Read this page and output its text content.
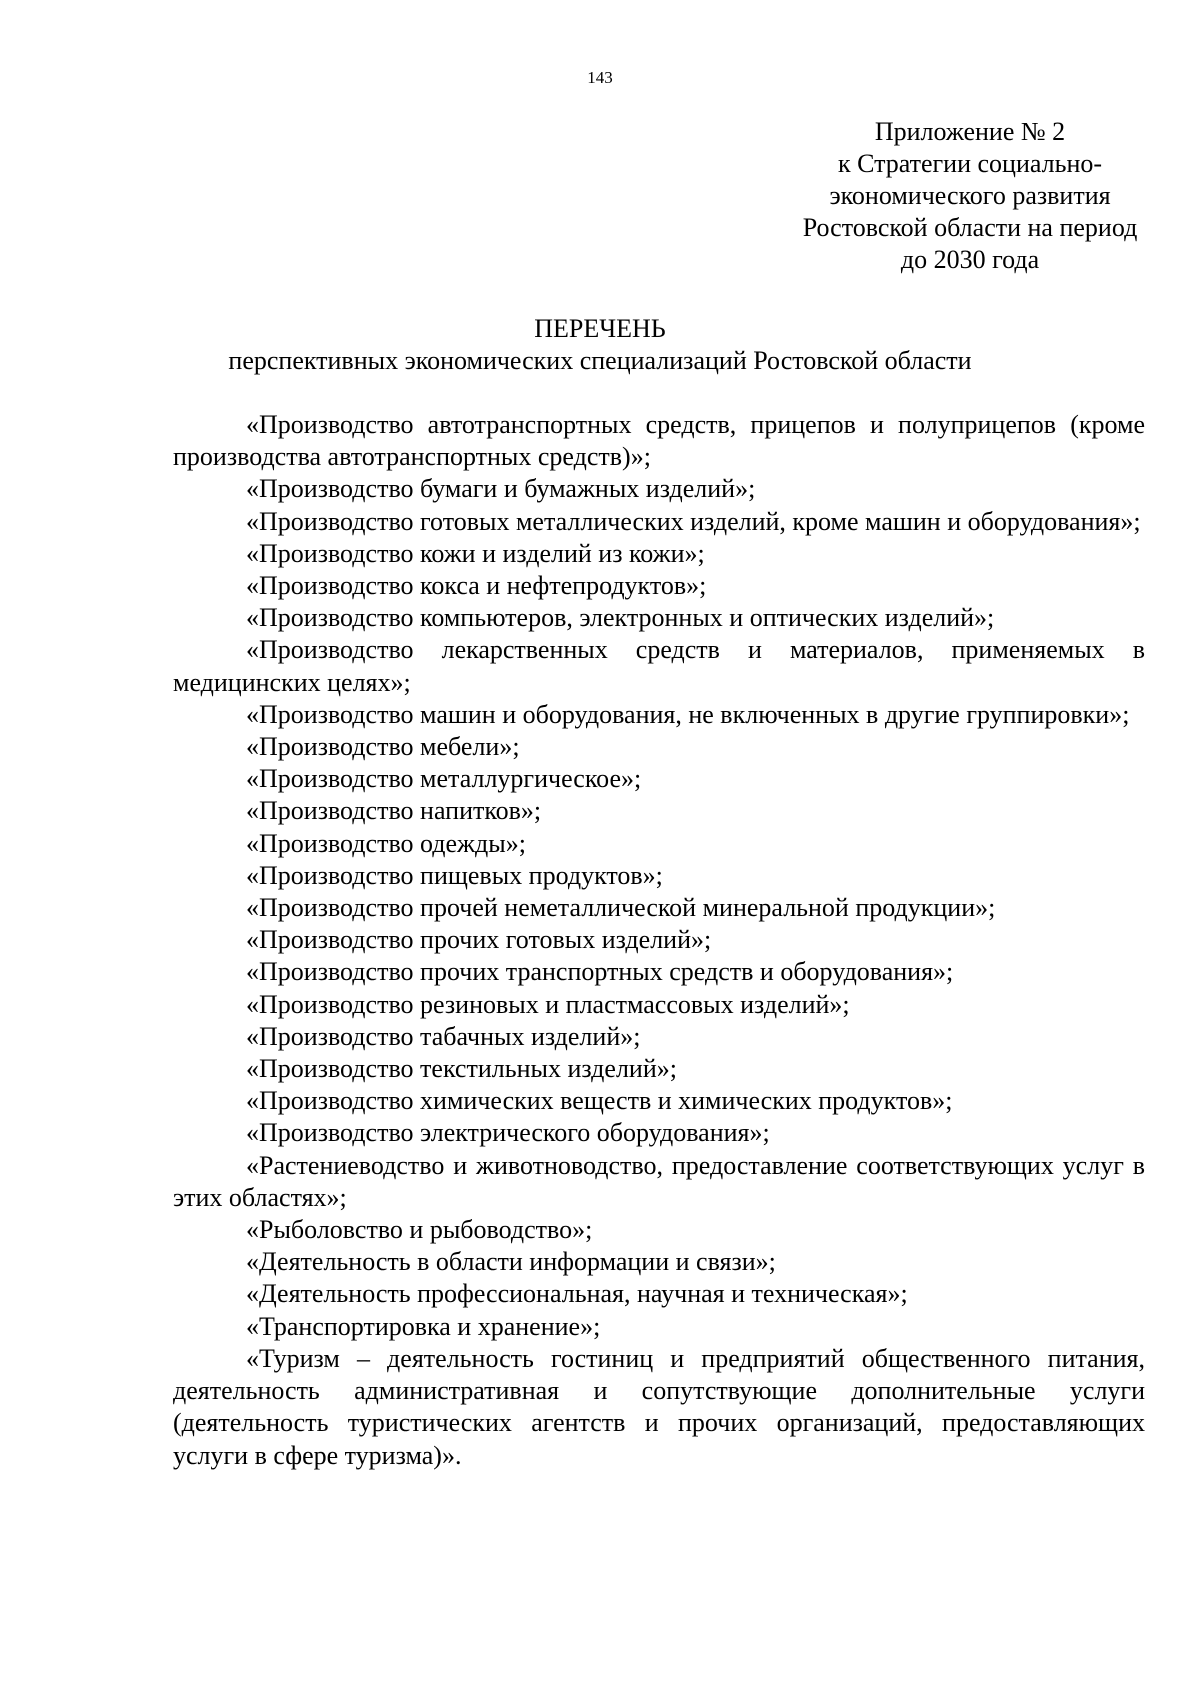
143
Приложение № 2
к Стратегии социально-
экономического развития
Ростовской области на период
до 2030 года
ПЕРЕЧЕНЬ
перспективных экономических специализаций Ростовской области
«Производство автотранспортных средств, прицепов и полуприцепов (кроме производства автотранспортных средств)»;
«Производство бумаги и бумажных изделий»;
«Производство готовых металлических изделий, кроме машин и оборудования»;
«Производство кожи и изделий из кожи»;
«Производство кокса и нефтепродуктов»;
«Производство компьютеров, электронных и оптических изделий»;
«Производство лекарственных средств и материалов, применяемых в медицинских целях»;
«Производство машин и оборудования, не включенных в другие группировки»;
«Производство мебели»;
«Производство металлургическое»;
«Производство напитков»;
«Производство одежды»;
«Производство пищевых продуктов»;
«Производство прочей неметаллической минеральной продукции»;
«Производство прочих готовых изделий»;
«Производство прочих транспортных средств и оборудования»;
«Производство резиновых и пластмассовых изделий»;
«Производство табачных изделий»;
«Производство текстильных изделий»;
«Производство химических веществ и химических продуктов»;
«Производство электрического оборудования»;
«Растениеводство и животноводство, предоставление соответствующих услуг в этих областях»;
«Рыболовство и рыбоводство»;
«Деятельность в области информации и связи»;
«Деятельность профессиональная, научная и техническая»;
«Транспортировка и хранение»;
«Туризм – деятельность гостиниц и предприятий общественного питания, деятельность административная и сопутствующие дополнительные услуги (деятельность туристических агентств и прочих организаций, предоставляющих услуги в сфере туризма)».
